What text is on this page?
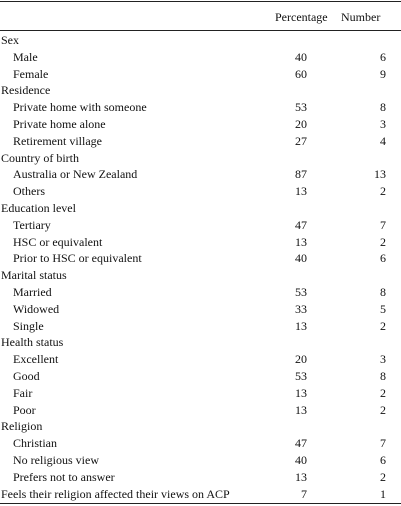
Percentage Number
Sex
Male	40	6
Female	60	9
Residence
Private home with someone	53	8
Private home alone	20	3
Retirement village	27	4
Country of birth
Australia or New Zealand	87	13
Others	13	2
Education level
Tertiary	47	7
HSC or equivalent	13	2
Prior to HSC or equivalent	40	6
Marital status
Married	53	8
Widowed	33	5
Single	13	2
Health status
Excellent	20	3
Good	53	8
Fair	13	2
Poor	13	2
Religion
Christian	47	7
No religious view	40	6
Prefers not to answer	13	2
Feels their religion affected their views on ACP	7	1
